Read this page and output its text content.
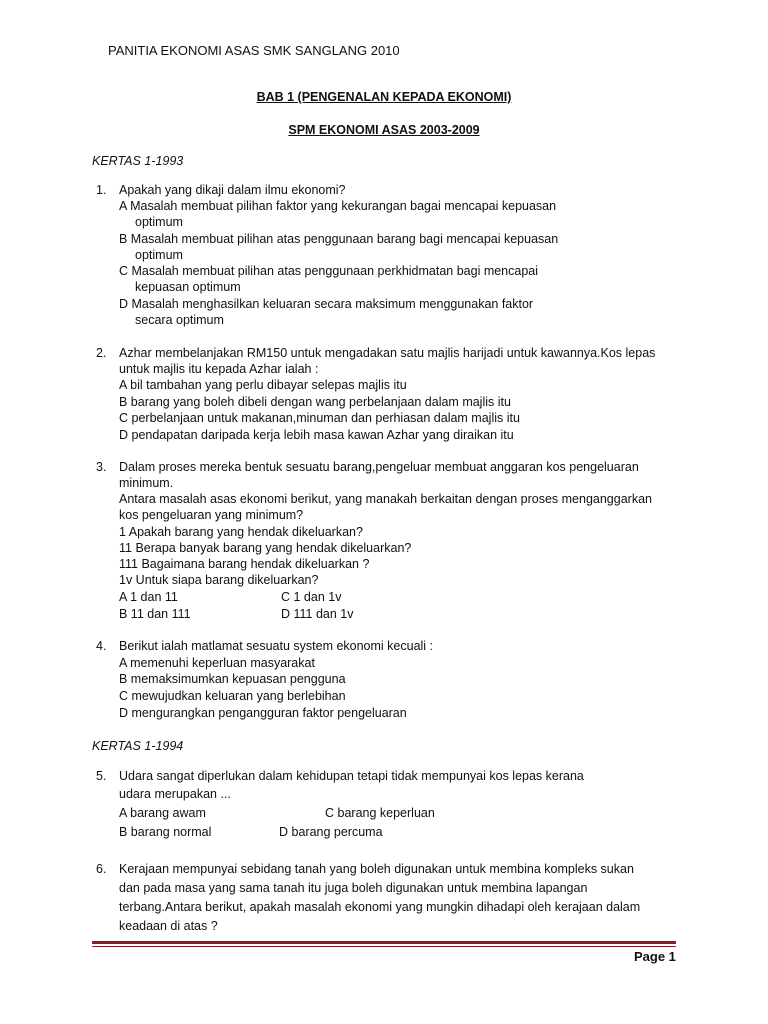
PANITIA EKONOMI ASAS SMK SANGLANG 2010
BAB 1 (PENGENALAN KEPADA EKONOMI)
SPM EKONOMI ASAS 2003-2009
KERTAS 1-1993
1. Apakah yang dikaji dalam ilmu ekonomi?
A Masalah membuat pilihan faktor yang kekurangan bagai mencapai kepuasan
optimum
B Masalah membuat pilihan atas penggunaan barang bagi mencapai kepuasan
optimum
C Masalah membuat pilihan atas penggunaan perkhidmatan bagi mencapai
kepuasan optimum
D Masalah menghasilkan keluaran secara maksimum menggunakan faktor
secara optimum
2. Azhar membelanjakan RM150 untuk mengadakan satu majlis harijadi untuk kawannya.Kos lepas
untuk majlis itu kepada Azhar ialah :
A bil tambahan yang perlu dibayar selepas majlis itu
B barang yang boleh dibeli dengan wang perbelanjaan dalam majlis itu
C perbelanjaan untuk makanan,minuman dan perhiasan dalam majlis itu
D pendapatan daripada kerja lebih masa kawan Azhar yang diraikan itu
3. Dalam proses mereka bentuk sesuatu barang,pengeluar membuat anggaran kos pengeluaran
minimum.
Antara masalah asas ekonomi berikut, yang manakah berkaitan dengan proses menganggarkan
kos pengeluaran yang minimum?
1 Apakah barang yang hendak dikeluarkan?
11 Berapa banyak barang yang hendak dikeluarkan?
111 Bagaimana barang hendak dikeluarkan ?
1v Untuk siapa barang dikeluarkan?
A 1 dan 11	C 1 dan 1v
B 11 dan 111	D 111 dan 1v
4. Berikut ialah matlamat sesuatu system ekonomi kecuali :
A memenuhi keperluan masyarakat
B memaksimumkan kepuasan pengguna
C mewujudkan keluaran yang berlebihan
D mengurangkan pengangguran faktor pengeluaran
KERTAS 1-1994
5. Udara sangat diperlukan dalam kehidupan tetapi tidak mempunyai kos lepas kerana
udara merupakan ...
A barang awam	C barang keperluan
B barang normal	D barang percuma
6. Kerajaan mempunyai sebidang tanah yang boleh digunakan untuk membina kompleks sukan
dan pada masa yang sama tanah itu juga boleh digunakan untuk membina lapangan
terbang.Antara berikut, apakah masalah ekonomi yang mungkin dihadapi oleh kerajaan dalam
keadaan di atas ?
Page 1
